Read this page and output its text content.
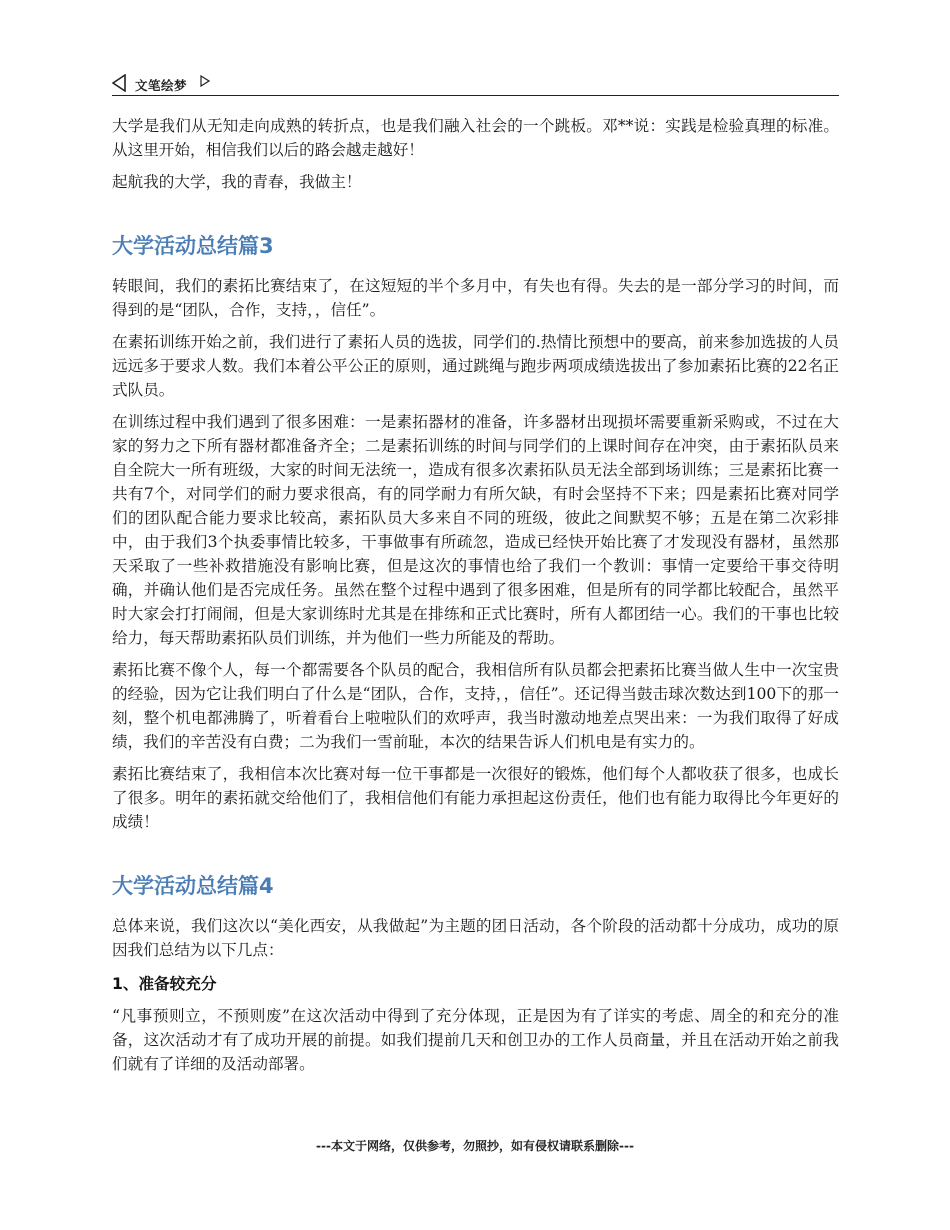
文笔绘梦

大学是我们从无知走向成熟的转折点，也是我们融入社会的一个跳板。邓**说：实践是检验真理的标准。从这里开始，相信我们以后的路会越走越好！

起航我的大学，我的青春，我做主！

大学活动总结篇3

转眼间，我们的素拓比赛结束了，在这短短的半个多月中，有失也有得。失去的是一部分学习的时间，而得到的是“团队，合作，支持，，信任”。

在素拓训练开始之前，我们进行了素拓人员的选拔，同学们的.热情比预想中的要高，前来参加选拔的人员远远多于要求人数。我们本着公平公正的原则，通过跳绳与跑步两项成绩选拔出了参加素拓比赛的22名正式队员。

在训练过程中我们遇到了很多困难：一是素拓器材的准备，许多器材出现损坏需要重新采购或，不过在大家的努力之下所有器材都准备齐全；二是素拓训练的时间与同学们的上课时间存在冲突，由于素拓队员来自全院大一所有班级，大家的时间无法统一，造成有很多次素拓队员无法全部到场训练；三是素拓比赛一共有7个，对同学们的耐力要求很高，有的同学耐力有所欠缺，有时会坚持不下来；四是素拓比赛对同学们的团队配合能力要求比较高，素拓队员大多来自不同的班级，彼此之间默契不够；五是在第二次彩排中，由于我们3个执委事情比较多，干事做事有所疏忽，造成已经快开始比赛了才发现没有器材，虽然那天采取了一些补救措施没有影响比赛，但是这次的事情也给了我们一个教训：事情一定要给干事交待明确，并确认他们是否完成任务。虽然在整个过程中遇到了很多困难，但是所有的同学都比较配合，虽然平时大家会打打闹闹，但是大家训练时尤其是在排练和正式比赛时，所有人都团结一心。我们的干事也比较给力，每天帮助素拓队员们训练，并为他们一些力所能及的帮助。

素拓比赛不像个人，每一个都需要各个队员的配合，我相信所有队员都会把素拓比赛当做人生中一次宝贵的经验，因为它让我们明白了什么是“团队，合作，支持，，信任”。还记得当鼓击球次数达到100下的那一刻，整个机电都沸腾了，听着看台上啦啦队们的欢呼声，我当时激动地差点哭出来：一为我们取得了好成绩，我们的辛苦没有白费；二为我们一雪前耻，本次的结果告诉人们机电是有实力的。

素拓比赛结束了，我相信本次比赛对每一位干事都是一次很好的锻炼，他们每个人都收获了很多，也成长了很多。明年的素拓就交给他们了，我相信他们有能力承担起这份责任，他们也有能力取得比今年更好的成绩！

大学活动总结篇4

总体来说，我们这次以“美化西安，从我做起”为主题的团日活动，各个阶段的活动都十分成功，成功的原因我们总结为以下几点：

1、准备较充分

“凡事预则立，不预则废”在这次活动中得到了充分体现，正是因为有了详实的考虑、周全的和充分的准备，这次活动才有了成功开展的前提。如我们提前几天和创卫办的工作人员商量，并且在活动开始之前我们就有了详细的及活动部署。

---本文于网络，仅供参考，勿照抄，如有侵权请联系删除---
